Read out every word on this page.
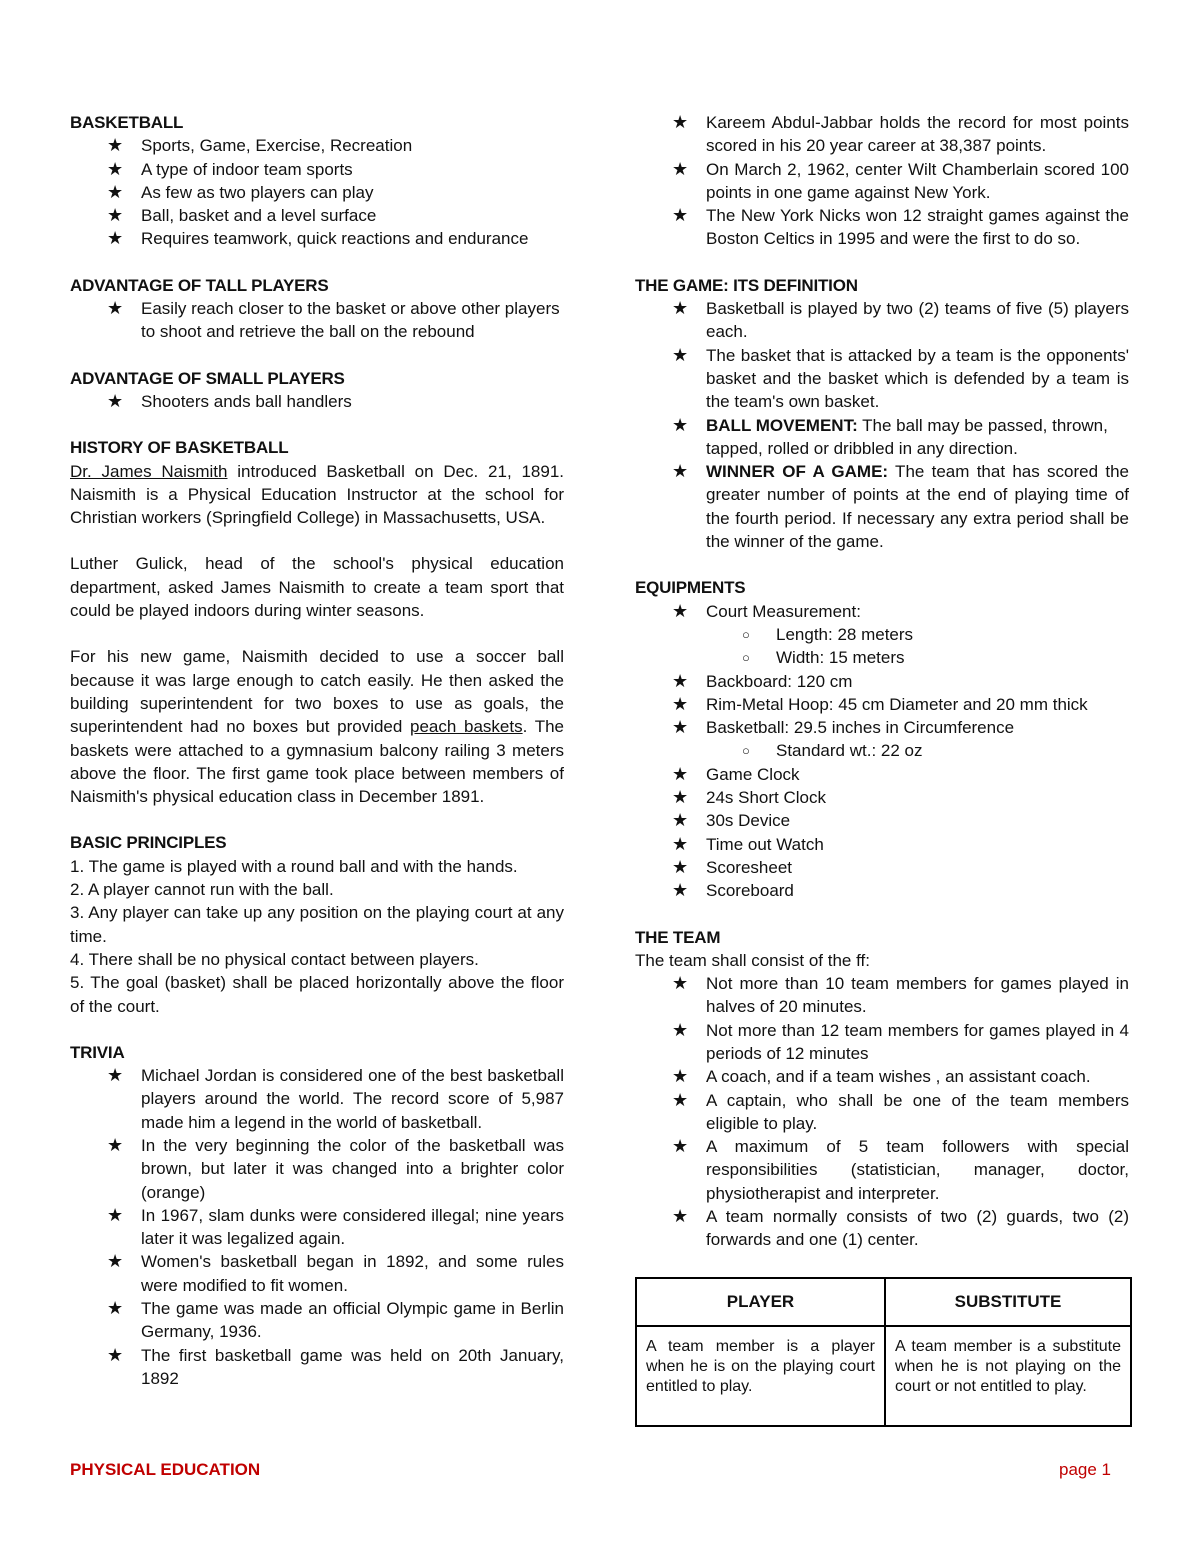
BASKETBALL
★ Sports, Game, Exercise, Recreation
★ A type of indoor team sports
★ As few as two players can play
★ Ball, basket and a level surface
★ Requires teamwork, quick reactions and endurance
ADVANTAGE OF TALL PLAYERS
★ Easily reach closer to the basket or above other players to shoot and retrieve the ball on the rebound
ADVANTAGE OF SMALL PLAYERS
★ Shooters ands ball handlers
HISTORY OF BASKETBALL

Dr. James Naismith introduced Basketball on Dec. 21, 1891. Naismith is a Physical Education Instructor at the school for Christian workers (Springfield College) in Massachusetts, USA.

Luther Gulick, head of the school's physical education department, asked James Naismith to create a team sport that could be played indoors during winter seasons.

For his new game, Naismith decided to use a soccer ball because it was large enough to catch easily. He then asked the building superintendent for two boxes to use as goals, the superintendent had no boxes but provided peach baskets. The baskets were attached to a gymnasium balcony railing 3 meters above the floor. The first game took place between members of Naismith's physical education class in December 1891.

BASIC PRINCIPLES

1. The game is played with a round ball and with the hands.

2. A player cannot run with the ball.

3. Any player can take up any position on the playing court at any time.

4. There shall be no physical contact between players.

5. The goal (basket) shall be placed horizontally above the floor of the court.

TRIVIA
★ Michael Jordan is considered one of the best basketball players around the world. The record score of 5,987 made him a legend in the world of basketball.
★ In the very beginning the color of the basketball was brown, but later it was changed into a brighter color (orange)
★ In 1967, slam dunks were considered illegal; nine years later it was legalized again.
★ Women's basketball began in 1892, and some rules were modified to fit women.
★ The game was made an official Olympic game in Berlin Germany, 1936.
★ The first basketball game was held on 20th January, 1892
★ Kareem Abdul-Jabbar holds the record for most points scored in his 20 year career at 38,387 points.
★ On March 2, 1962, center Wilt Chamberlain scored 100 points in one game against New York.
★ The New York Nicks won 12 straight games against the Boston Celtics in 1995 and were the first to do so.
THE GAME: ITS DEFINITION
★ Basketball is played by two (2) teams of five (5) players each.
★ The basket that is attacked by a team is the opponents' basket and the basket which is defended by a team is the team's own basket.
★ BALL MOVEMENT: The ball may be passed, thrown, tapped, rolled or dribbled in any direction.
★ WINNER OF A GAME: The team that has scored the greater number of points at the end of playing time of the fourth period. If necessary any extra period shall be the winner of the game.
EQUIPMENTS
★ Court Measurement:
○ Length: 28 meters
○ Width: 15 meters
★ Backboard: 120 cm
★ Rim-Metal Hoop: 45 cm Diameter and 20 mm thick
★ Basketball: 29.5 inches in Circumference
○ Standard wt.: 22 oz
★ Game Clock
★ 24s Short Clock
★ 30s Device
★ Time out Watch
★ Scoresheet
★ Scoreboard
THE TEAM

The team shall consist of the ff:

★ Not more than 10 team members for games played in halves of 20 minutes.
★ Not more than 12 team members for games played in 4 periods of 12 minutes
★ A coach, and if a team wishes , an assistant coach.
★ A captain, who shall be one of the team members eligible to play.
★ A maximum of 5 team followers with special responsibilities (statistician, manager, doctor, physiotherapist and interpreter.
★ A team normally consists of two (2) guards, two (2) forwards and one (1) center.
PLAYER	SUBSTITUTE
A team member is a player when he is on the playing court entitled to play.	A team member is a substitute when he is not playing on the court or not entitled to play.
PHYSICAL EDUCATION	page 1
